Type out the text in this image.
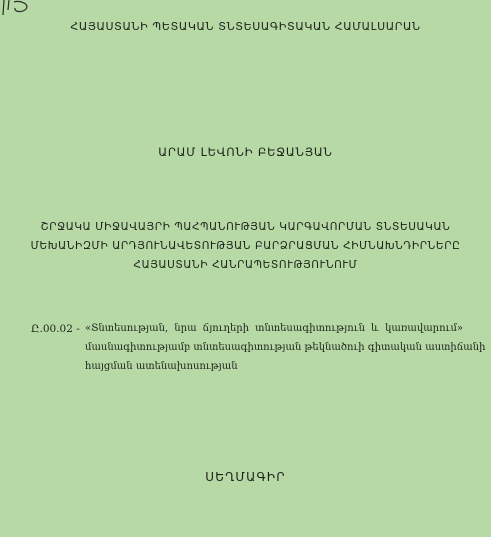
ՀԱՅԱՍՏԱՆԻ ՊԵՏԱԿԱՆ ՏՆՏԵՍԱԳԻՏԱԿԱՆ ՀԱՄԱԼՍԱՐԱՆ
ԱՐԱՄ ԼԵՎՈՆԻ ԲԵՋԱՆՅԱՆ
ՇՐՋԱԿԱ ՄԻՋԱՎԱՅՐԻ ՊԱՀՊԱՆՈՒԹՅԱՆ ԿԱՐԳԱՎՈՐՄԱՆ ՏՆՏԵՍԱԿԱՆ
ՄԵԽԱՆԻԶՄԻ ԱՐԴՅՈՒՆԱՎԵՏՈՒԹՅԱՆ ԲԱՐՁՐԱՑՄԱՆ ՀԻՄՆԱԽՆԴԻՐՆԵՐԸ
ՀԱՅԱՍՏԱՆԻ ՀԱՆՐԱՊԵՏՈՒԹՅՈՒՆՈՒՄ
Ը.00.02 - «Տնտեսության, նրա ճյուղերի տնտեսագիտություն և կառավարում»
մասնագիտությամբ տնտեսագիտության թեկնածուի գիտական աստիճանի
հայցման ատենախոսության
ՍԵՂՄԱԳԻՐ
